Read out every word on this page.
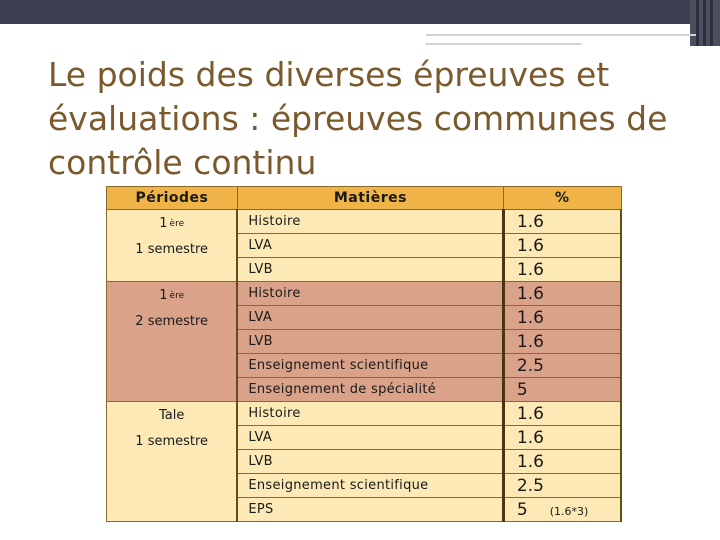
Le poids des diverses épreuves et
évaluations : épreuves communes de
contrôle continu
Périodes	Matières	%
1 $^{ère}$
1 semestre	Histoire	1.6
	LVA	1.6
	LVB	1.6
1 $^{ère}$
2 semestre	Histoire	1.6
	LVA	1.6
	LVB	1.6
	Enseignement scientifique	2.5
	Enseignement de spécialité	5
Tale
1 semestre	Histoire	1.6
	LVA	1.6
	LVB	1.6
	Enseignement scientifique	2.5
	EPS	5 (1.6*3)
